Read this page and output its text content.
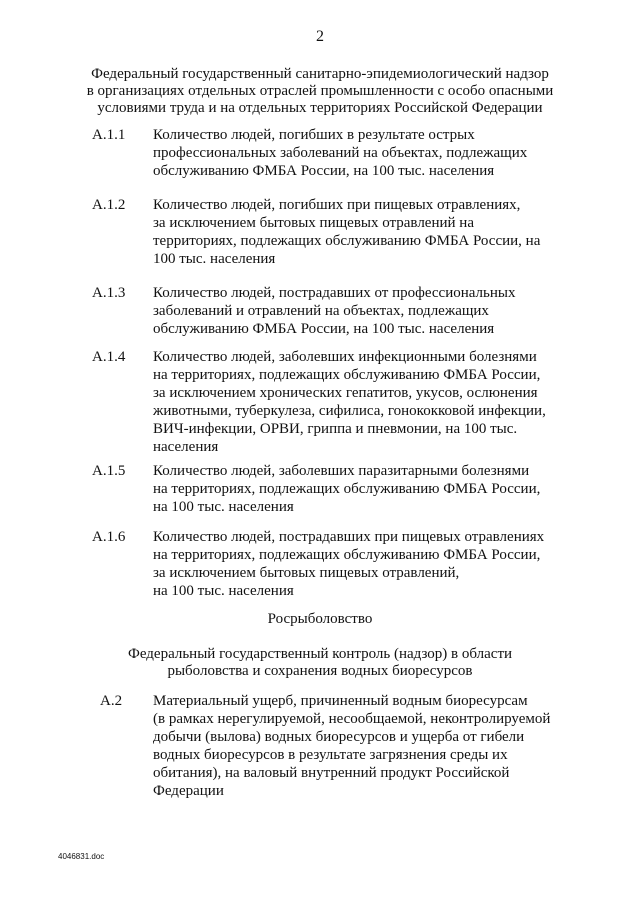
2
Федеральный государственный санитарно-эпидемиологический надзор
в организациях отдельных отраслей промышленности с особо опасными
условиями труда и на отдельных территориях Российской Федерации
А.1.1 Количество людей, погибших в результате острых
профессиональных заболеваний на объектах, подлежащих
обслуживанию ФМБА России, на 100 тыс. населения
А.1.2 Количество людей, погибших при пищевых отравлениях,
за исключением бытовых пищевых отравлений на
территориях, подлежащих обслуживанию ФМБА России, на
100 тыс. населения
А.1.3 Количество людей, пострадавших от профессиональных
заболеваний и отравлений на объектах, подлежащих
обслуживанию ФМБА России, на 100 тыс. населения
А.1.4 Количество людей, заболевших инфекционными болезнями
на территориях, подлежащих обслуживанию ФМБА России,
за исключением хронических гепатитов, укусов, ослюнения
животными, туберкулеза, сифилиса, гонококковой инфекции,
ВИЧ-инфекции, ОРВИ, гриппа и пневмонии, на 100 тыс.
населения
А.1.5 Количество людей, заболевших паразитарными болезнями
на территориях, подлежащих обслуживанию ФМБА России,
на 100 тыс. населения
А.1.6 Количество людей, пострадавших при пищевых отравлениях
на территориях, подлежащих обслуживанию ФМБА России,
за исключением бытовых пищевых отравлений,
на 100 тыс. населения
Росрыболовство
Федеральный государственный контроль (надзор) в области
рыболовства и сохранения водных биоресурсов
А.2 Материальный ущерб, причиненный водным биоресурсам
(в рамках нерегулируемой, несообщаемой, неконтролируемой
добычи (вылова) водных биоресурсов и ущерба от гибели
водных биоресурсов в результате загрязнения среды их
обитания), на валовый внутренний продукт Российской
Федерации
4046831.doc
